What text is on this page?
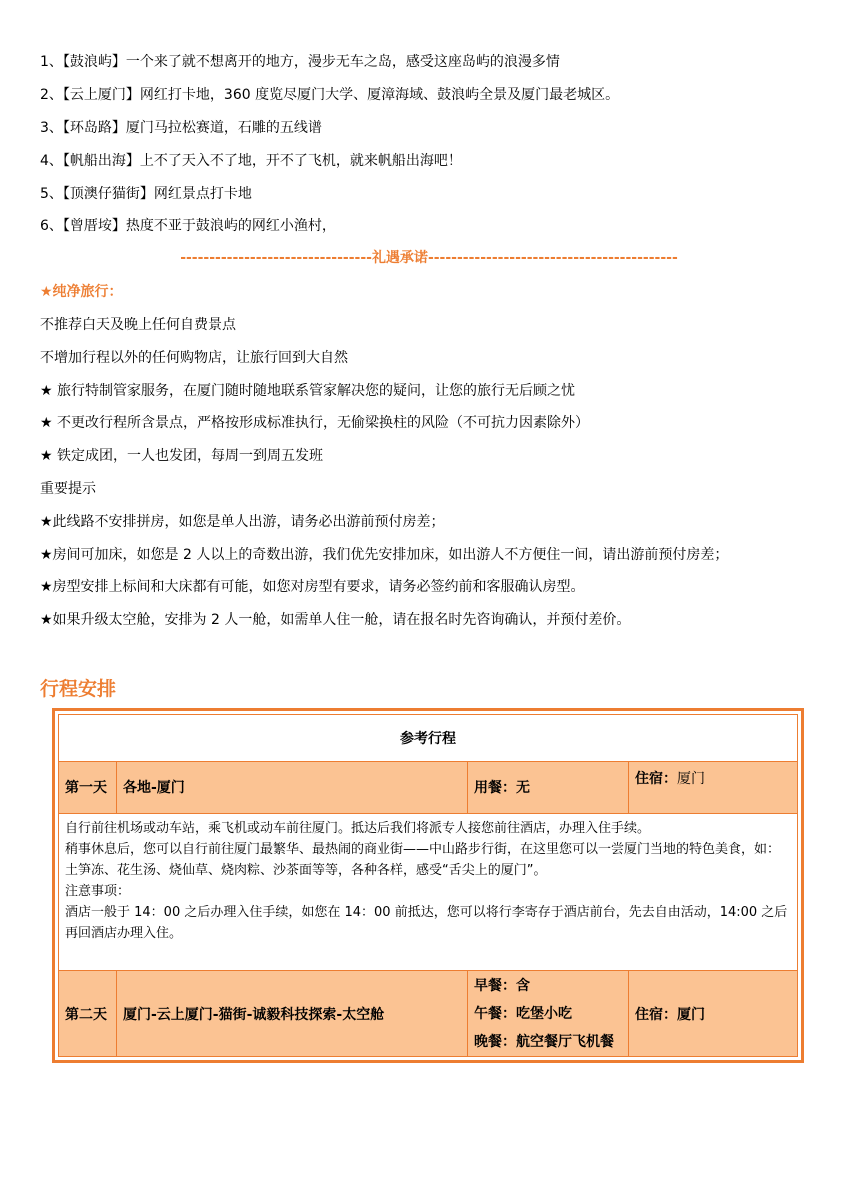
1、【鼓浪屿】一个来了就不想离开的地方，漫步无车之岛，感受这座岛屿的浪漫多情
2、【云上厦门】网红打卡地，360 度览尽厦门大学、厦漳海域、鼓浪屿全景及厦门最老城区。
3、【环岛路】厦门马拉松赛道，石雕的五线谱
4、【帆船出海】上不了天入不了地，开不了飞机，就来帆船出海吧！
5、【顶澳仔猫街】网红景点打卡地
6、【曾厝垵】热度不亚于鼓浪屿的网红小渔村，
---------------------------------礼遇承诺-------------------------------------------
★纯净旅行：
不推荐白天及晚上任何自费景点
不增加行程以外的任何购物店，让旅行回到大自然
★ 旅行特制管家服务，在厦门随时随地联系管家解决您的疑问，让您的旅行无后顾之忧
★ 不更改行程所含景点，严格按形成标准执行，无偷梁换柱的风险（不可抗力因素除外）
★ 铁定成团，一人也发团，每周一到周五发班
重要提示
★此线路不安排拼房，如您是单人出游，请务必出游前预付房差；
★房间可加床，如您是 2 人以上的奇数出游，我们优先安排加床，如出游人不方便住一间，请出游前预付房差；
★房型安排上标间和大床都有可能，如您对房型有要求，请务必签约前和客服确认房型。
★如果升级太空舱，安排为 2 人一舱，如需单人住一舱，请在报名时先咨询确认，并预付差价。
行程安排
参考行程			
第一天	各地-厦门	用餐：无	住宿：厦门

自行前往机场或动车站，乘飞机或动车前往厦门。抵达后我们将派专人接您前往酒店，办理入住手续。
稍事休息后，您可以自行前往厦门最繁华、最热闹的商业街——中山路步行街，在这里您可以一尝厦门当地的特色美食，如：土笋冻、花生汤、烧仙草、烧肉粽、沙茶面等等，各种各样，感受“舌尖上的厦门”。
注意事项：
酒店一般于 14：00 之后办理入住手续，如您在 14：00 前抵达，您可以将行李寄存于酒店前台，先去自由活动，14:00 之后再回酒店办理入住。			

第二天	厦门-云上厦门-猫街-诚毅科技探索-太空舱	早餐：含
午餐：吃堡小吃
晚餐：航空餐厅飞机餐	住宿：厦门
